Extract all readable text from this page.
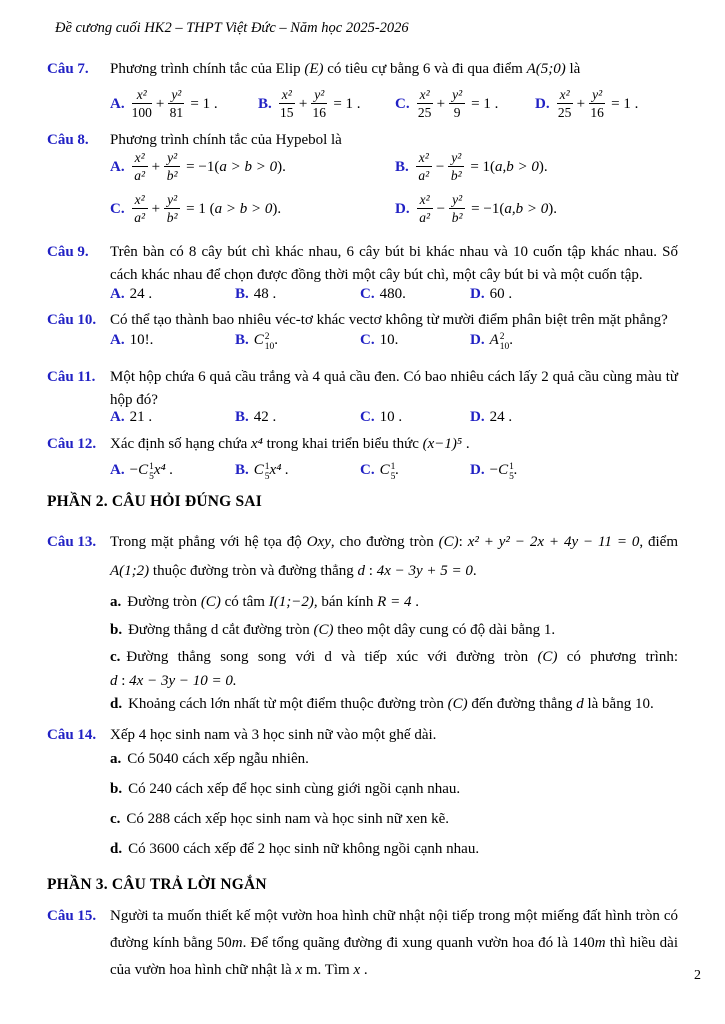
Đề cương cuối HK2 – THPT Việt Đức – Năm học 2025-2026
Câu 7.	Phương trình chính tắc của Elip (E) có tiêu cự bằng 6 và đi qua điểm A(5;0) là
A. $\frac{\text{x²}}{100} + \frac{\text{y²}}{81} = 1$ .	B. $\frac{\text{x²}}{15} + \frac{\text{y²}}{16} = 1$ . C. $\frac{\text{x²}}{25} + \frac{\text{y²}}{9} = 1$ . D. $\frac{\text{x²}}{25} + \frac{\text{y²}}{16} = 1$ .
Câu 8.	Phương trình chính tắc của Hypebol là
A. $\frac{\text{x²}}{\text{a²}} + \frac{\text{y²}}{\text{b²}} = -1$( a > b > 0 ).	B. $\frac{\text{x²}}{\text{a²}} - \frac{\text{y²}}{\text{b²}} = 1$( a,b > 0 ).
C. $\frac{\text{x²}}{\text{a²}} + \frac{\text{y²}}{\text{b²}} = 1$ ( a > b > 0 ).	D. $\frac{\text{x²}}{\text{a²}} - \frac{\text{y²}}{\text{b²}} = -1$( a,b > 0 ).
Câu 9.	Trên bàn có 8 cây bút chì khác nhau, 6 cây bút bi khác nhau và 10 cuốn tập khác nhau. Số cách khác nhau để chọn được đồng thời một cây bút chì, một cây bút bi và một cuốn tập.
A. 24 .	B. 48 .	C. 480.	D. 60 .
Câu 10. Có thể tạo thành bao nhiêu véc-tơ khác vectơ không từ mười điểm phân biệt trên mặt phẳng?
A. 10!.	B. C 2
10 .	C. 10.	D. A 2
10 .
Câu 11. Một hộp chứa 6 quả cầu trắng và 4 quả cầu đen. Có bao nhiêu cách lấy 2 quả cầu cùng màu từ hộp đó?
A. 21 .	B. 42 .	C. 10 .	D. 24 .
Câu 12. Xác định số hạng chứa x⁴ trong khai triển biểu thức (x−1)⁵ .
A. − C 1
5 x⁴ .	B. C 1
5 x⁴ .	C. C 1
5 .	D. − C 1
5 .
PHẦN 2. CÂU HỎI ĐÚNG SAI
Câu 13. Trong mặt phẳng với hệ tọa độ Oxy, cho đường tròn (C): x² + y² − 2x + 4y − 11 = 0, điểm A(1;2) thuộc đường tròn và đường thẳng d : 4x − 3y + 5 = 0.
a. Đường tròn (C) có tâm I(1;−2), bán kính R = 4 .
b. Đường thẳng d cắt đường tròn (C) theo một dây cung có độ dài bằng 1.
c. Đường thẳng song song với d và tiếp xúc với đường tròn (C) có phương trình:
d : 4x − 3y − 10 = 0.
d. Khoảng cách lớn nhất từ một điểm thuộc đường tròn (C) đến đường thẳng d là bằng 10.
Câu 14. Xếp 4 học sinh nam và 3 học sinh nữ vào một ghế dài.
a. Có 5040 cách xếp ngẫu nhiên.
b. Có 240 cách xếp để học sinh cùng giới ngồi cạnh nhau.
c. Có 288 cách xếp học sinh nam và học sinh nữ xen kẽ.
d. Có 3600 cách xếp để 2 học sinh nữ không ngồi cạnh nhau.
PHẦN 3. CÂU TRẢ LỜI NGẮN
Câu 15. Người ta muốn thiết kế một vườn hoa hình chữ nhật nội tiếp trong một miếng đất hình tròn có đường kính bằng 50m. Để tổng quãng đường đi xung quanh vườn hoa đó là 140m thì hiều dài của vườn hoa hình chữ nhật là x m. Tìm x .	2
